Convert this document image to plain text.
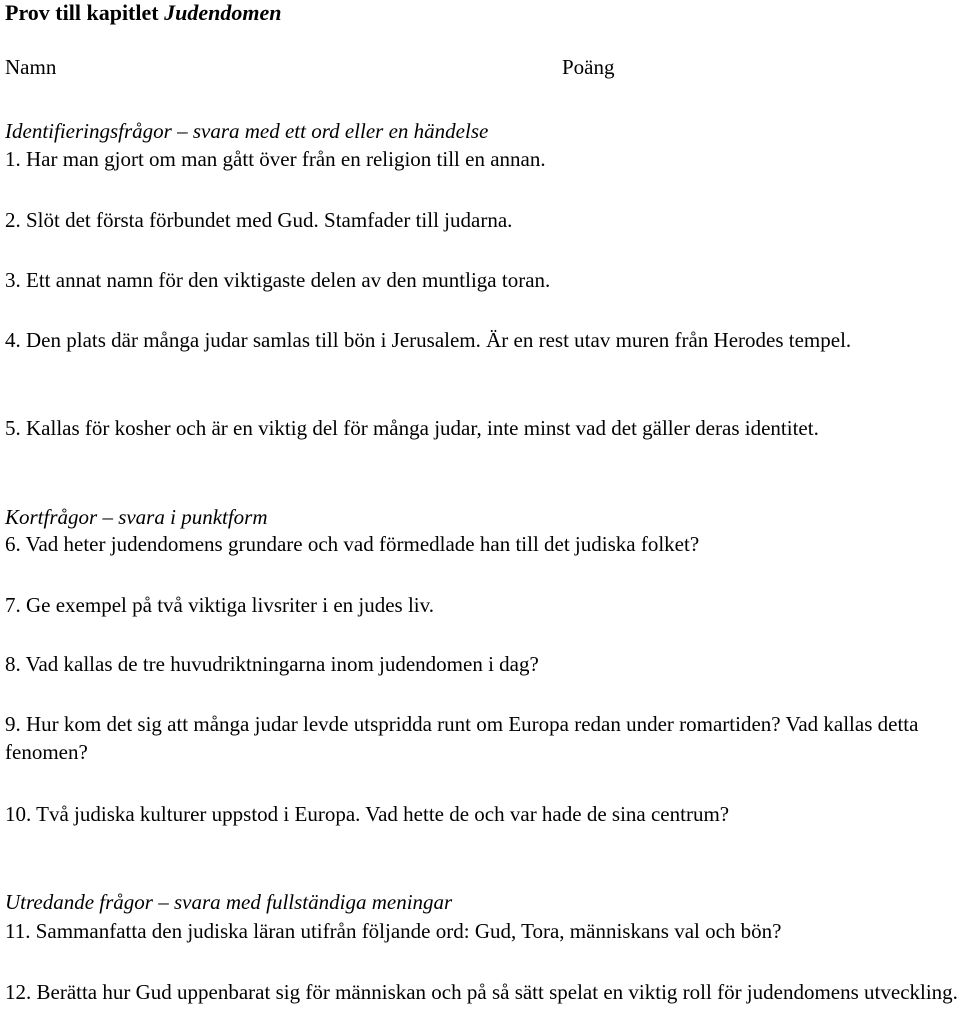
Prov till kapitlet Judendomen
Namn	Poäng
Identifieringsfrågor – svara med ett ord eller en händelse
1. Har man gjort om man gått över från en religion till en annan.
2. Slöt det första förbundet med Gud. Stamfader till judarna.
3. Ett annat namn för den viktigaste delen av den muntliga toran.
4. Den plats där många judar samlas till bön i Jerusalem. Är en rest utav muren från Herodes tempel.
5. Kallas för kosher och är en viktig del för många judar, inte minst vad det gäller deras identitet.
Kortfrågor – svara i punktform
6. Vad heter judendomens grundare och vad förmedlade han till det judiska folket?
7. Ge exempel på två viktiga livsriter i en judes liv.
8. Vad kallas de tre huvudriktningarna inom judendomen i dag?
9. Hur kom det sig att många judar levde utspridda runt om Europa redan under romartiden? Vad kallas detta fenomen?
10. Två judiska kulturer uppstod i Europa. Vad hette de och var hade de sina centrum?
Utredande frågor – svara med fullständiga meningar
11. Sammanfatta den judiska läran utifrån följande ord: Gud, Tora, människans val och bön?
12. Berätta hur Gud uppenbarat sig för människan och på så sätt spelat en viktig roll för judendomens utveckling.
